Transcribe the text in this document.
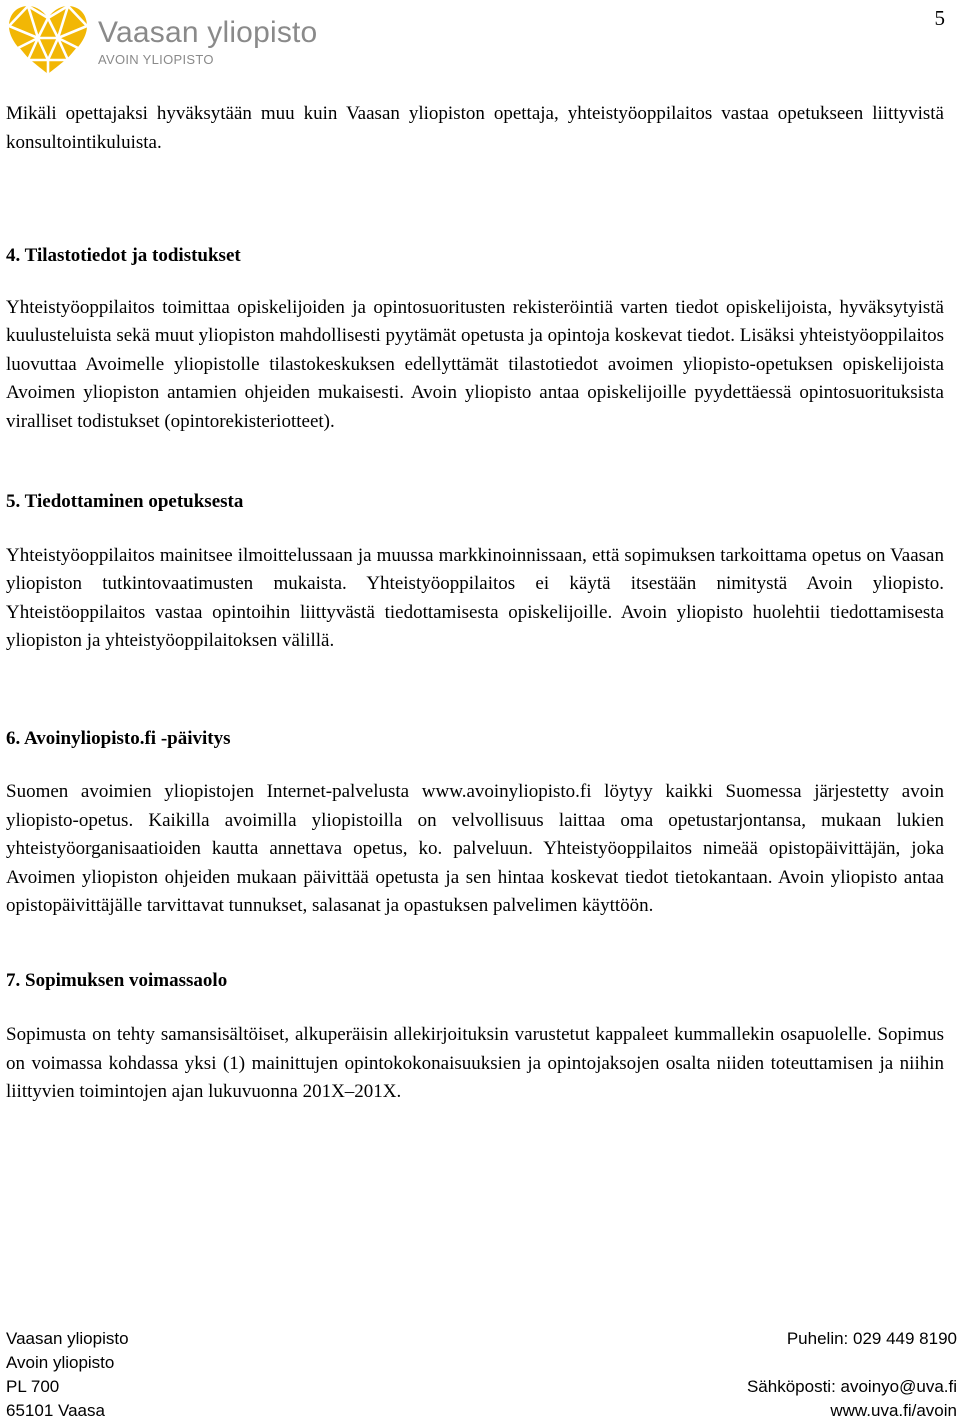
Vaasan yliopisto
AVOIN YLIOPISTO
5

Mikäli opettajaksi hyväksytään muu kuin Vaasan yliopiston opettaja, yhteistyöoppilaitos vastaa opetukseen liittyvistä konsultointikuluista.

4. Tilastotiedot ja todistukset

Yhteistyöoppilaitos toimittaa opiskelijoiden ja opintosuoritusten rekisteröintiä varten tiedot opiskelijoista, hyväksytyistä kuulusteluista sekä muut yliopiston mahdollisesti pyytämät opetusta ja opintoja koskevat tiedot. Lisäksi yhteistyöoppilaitos luovuttaa Avoimelle yliopistolle tilastokeskuksen edellyttämät tilastotiedot avoimen yliopisto-opetuksen opiskelijoista Avoimen yliopiston antamien ohjeiden mukaisesti. Avoin yliopisto antaa opiskelijoille pyydettäessä opintosuorituksista viralliset todistukset (opintorekisteriotteet).

5. Tiedottaminen opetuksesta

Yhteistyöoppilaitos mainitsee ilmoittelussaan ja muussa markkinoinnissaan, että sopimuksen tarkoittama opetus on Vaasan yliopiston tutkintovaatimusten mukaista. Yhteistyöoppilaitos ei käytä itsestään nimitystä Avoin yliopisto. Yhteistöoppilaitos vastaa opintoihin liittyvästä tiedottamisesta opiskelijoille. Avoin yliopisto huolehtii tiedottamisesta yliopiston ja yhteistyöoppilaitoksen välillä.

6. Avoinyliopisto.fi -päivitys

Suomen avoimien yliopistojen Internet-palvelusta www.avoinyliopisto.fi löytyy kaikki Suomessa järjestetty avoin yliopisto-opetus. Kaikilla avoimilla yliopistoilla on velvollisuus laittaa oma opetustarjontansa, mukaan lukien yhteistyöorganisaatioiden kautta annettava opetus, ko. palveluun. Yhteistyöoppilaitos nimeää opistopäivittäjän, joka Avoimen yliopiston ohjeiden mukaan päivittää opetusta ja sen hintaa koskevat tiedot tietokantaan. Avoin yliopisto antaa opistopäivittäjälle tarvittavat tunnukset, salasanat ja opastuksen palvelimen käyttöön.

7. Sopimuksen voimassaolo

Sopimusta on tehty samansisältöiset, alkuperäisin allekirjoituksin varustetut kappaleet kummallekin osapuolelle. Sopimus on voimassa kohdassa yksi (1) mainittujen opintokokonaisuuksien ja opintojaksojen osalta niiden toteuttamisen ja niihin liittyvien toimintojen ajan lukuvuonna 201X–201X.

Vaasan yliopisto	Puhelin: 029 449 8190
Avoin yliopisto
PL 700	Sähköposti: avoinyo@uva.fi
65101 Vaasa	www.uva.fi/avoin
